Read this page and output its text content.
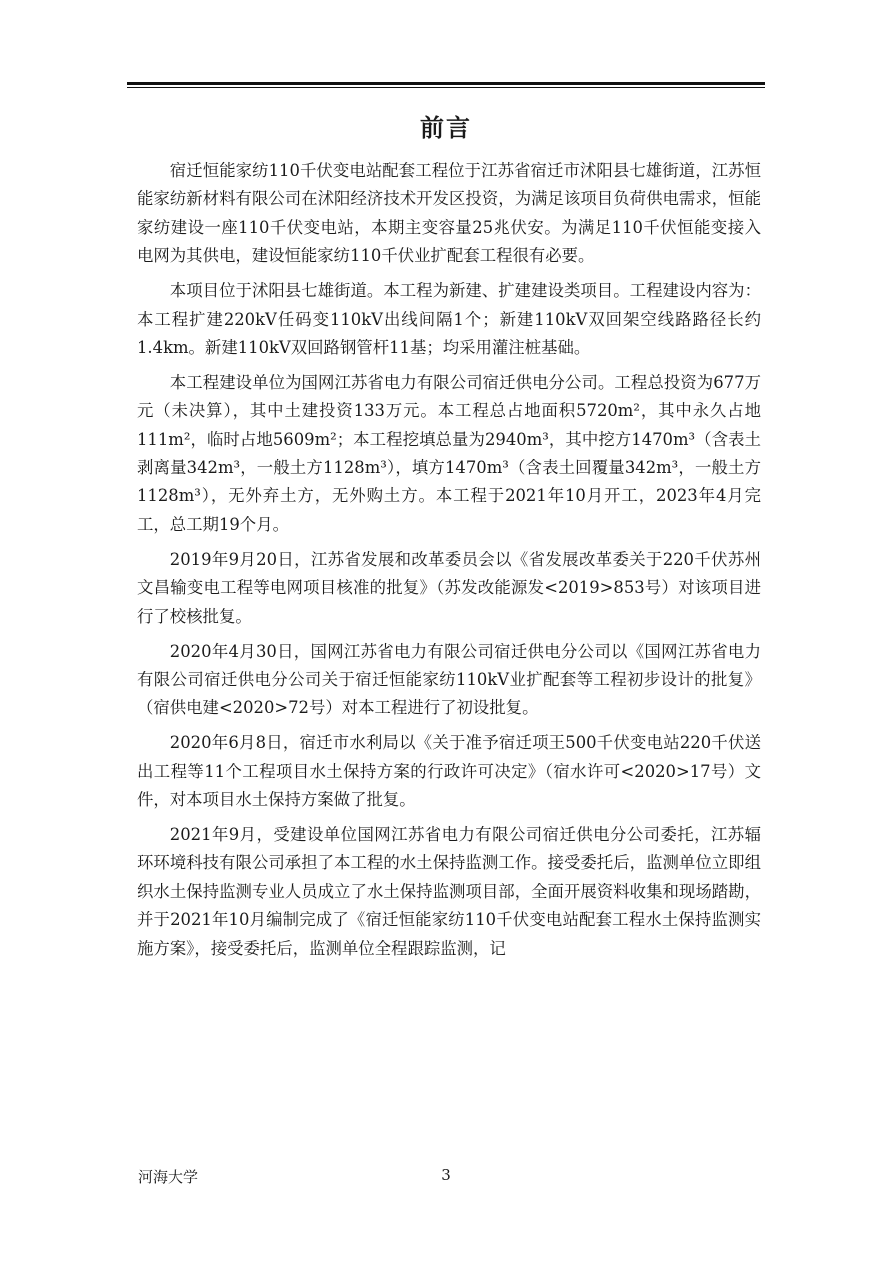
前言

宿迁恒能家纺110千伏变电站配套工程位于江苏省宿迁市沭阳县七雄街道，江苏恒能家纺新材料有限公司在沭阳经济技术开发区投资，为满足该项目负荷供电需求，恒能家纺建设一座110千伏变电站，本期主变容量25兆伏安。为满足110千伏恒能变接入电网为其供电，建设恒能家纺110千伏业扩配套工程很有必要。

本项目位于沭阳县七雄街道。本工程为新建、扩建建设类项目。工程建设内容为：本工程扩建220kV任码变110kV出线间隔1个；新建110kV双回架空线路路径长约1.4km。新建110kV双回路钢管杆11基；均采用灌注桩基础。

本工程建设单位为国网江苏省电力有限公司宿迁供电分公司。工程总投资为677万元（未决算），其中土建投资133万元。本工程总占地面积5720m²，其中永久占地111m²，临时占地5609m²；本工程挖填总量为2940m³，其中挖方1470m³（含表土剥离量342m³，一般土方1128m³），填方1470m³（含表土回覆量342m³，一般土方1128m³），无外弃土方，无外购土方。本工程于2021年10月开工，2023年4月完工，总工期19个月。

2019年9月20日，江苏省发展和改革委员会以《省发展改革委关于220千伏苏州文昌输变电工程等电网项目核准的批复》（苏发改能源发<2019>853号）对该项目进行了校核批复。

2020年4月30日，国网江苏省电力有限公司宿迁供电分公司以《国网江苏省电力有限公司宿迁供电分公司关于宿迁恒能家纺110kV业扩配套等工程初步设计的批复》（宿供电建<2020>72号）对本工程进行了初设批复。

2020年6月8日，宿迁市水利局以《关于准予宿迁项王500千伏变电站220千伏送出工程等11个工程项目水土保持方案的行政许可决定》（宿水许可<2020>17号）文件，对本项目水土保持方案做了批复。

2021年9月，受建设单位国网江苏省电力有限公司宿迁供电分公司委托，江苏辐环环境科技有限公司承担了本工程的水土保持监测工作。接受委托后，监测单位立即组织水土保持监测专业人员成立了水土保持监测项目部，全面开展资料收集和现场踏勘，并于2021年10月编制完成了《宿迁恒能家纺110千伏变电站配套工程水土保持监测实施方案》，接受委托后，监测单位全程跟踪监测，记

河海大学	3
